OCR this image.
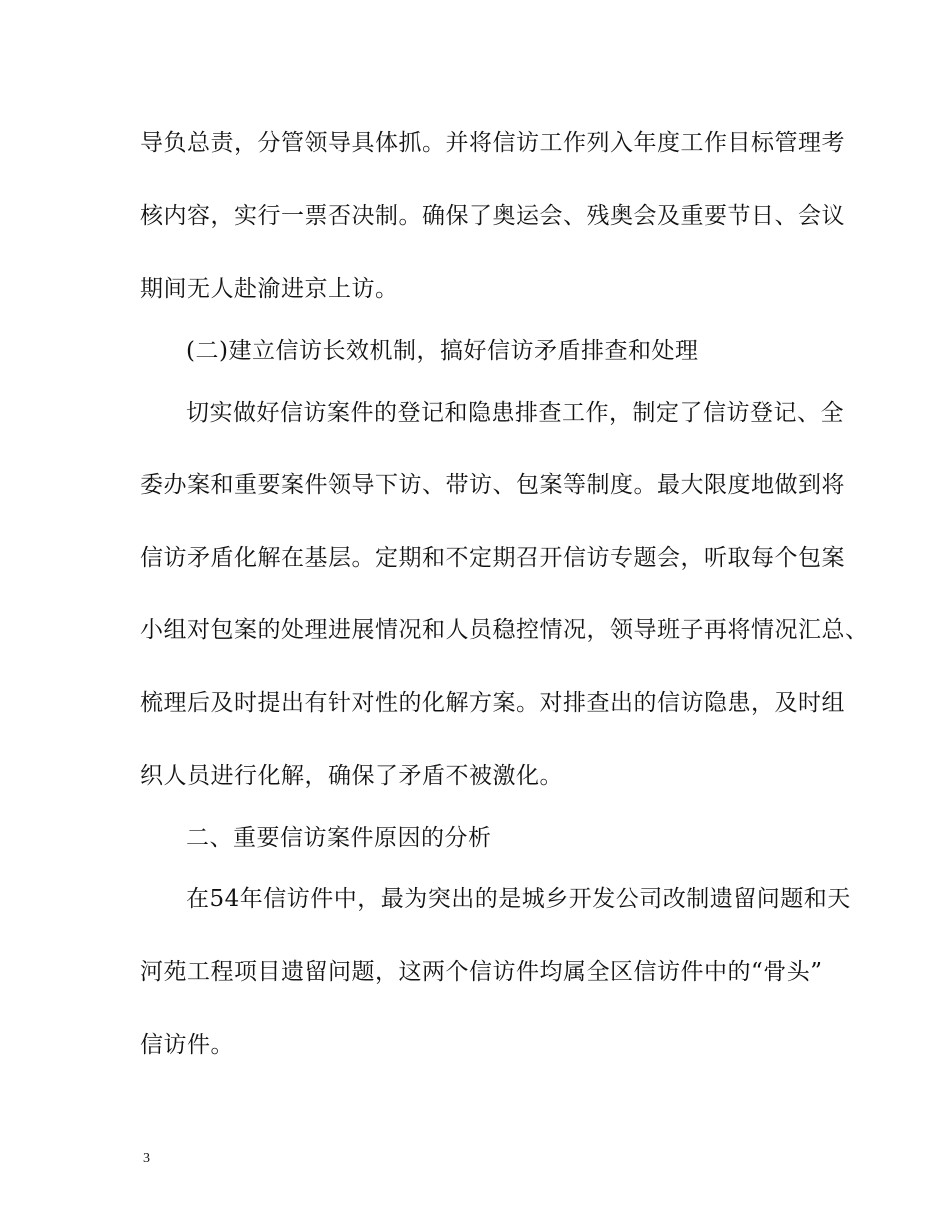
导负总责，分管领导具体抓。并将信访工作列入年度工作目标管理考
核内容，实行一票否决制。确保了奥运会、残奥会及重要节日、会议
期间无人赴渝进京上访。
(二)建立信访长效机制，搞好信访矛盾排查和处理
切实做好信访案件的登记和隐患排查工作，制定了信访登记、全
委办案和重要案件领导下访、带访、包案等制度。最大限度地做到将
信访矛盾化解在基层。定期和不定期召开信访专题会，听取每个包案
小组对包案的处理进展情况和人员稳控情况，领导班子再将情况汇总、
梳理后及时提出有针对性的化解方案。对排查出的信访隐患，及时组
织人员进行化解，确保了矛盾不被激化。
二、重要信访案件原因的分析
在54年信访件中，最为突出的是城乡开发公司改制遗留问题和天
河苑工程项目遗留问题，这两个信访件均属全区信访件中的“骨头”
信访件。
3
